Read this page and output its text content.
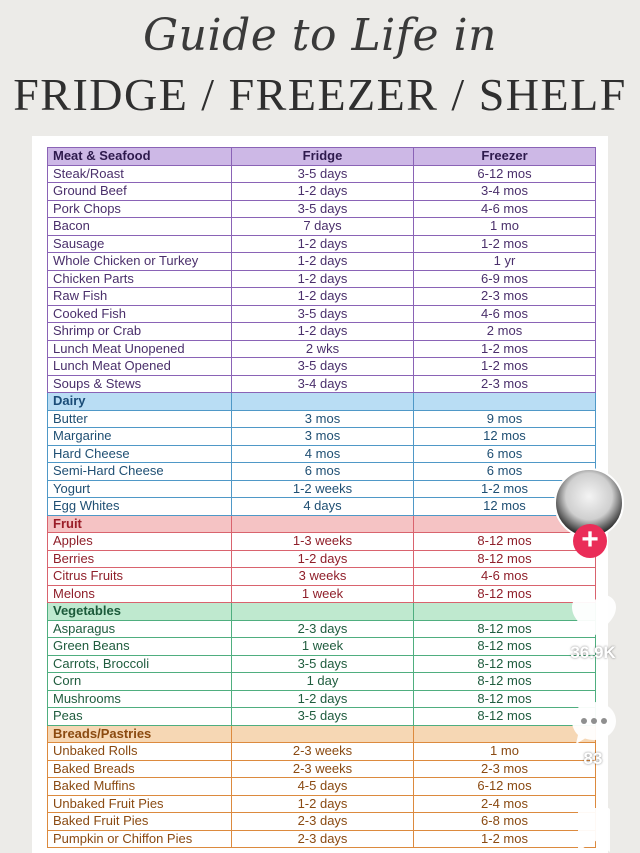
Guide to Life in
FRIDGE / FREEZER / SHELF
Meat & Seafood	Fridge	Freezer
Steak/Roast	3-5 days	6-12 mos
Ground Beef	1-2 days	3-4 mos
Pork Chops	3-5 days	4-6 mos
Bacon	7 days	1 mo
Sausage	1-2 days	1-2 mos
Whole Chicken or Turkey	1-2 days	1 yr
Chicken Parts	1-2 days	6-9 mos
Raw Fish	1-2 days	2-3 mos
Cooked Fish	3-5 days	4-6 mos
Shrimp or Crab	1-2 days	2 mos
Lunch Meat Unopened	2 wks	1-2 mos
Lunch Meat Opened	3-5 days	1-2 mos
Soups & Stews	3-4 days	2-3 mos
Dairy		
Butter	3 mos	9 mos
Margarine	3 mos	12 mos
Hard Cheese	4 mos	6 mos
Semi-Hard Cheese	6 mos	6 mos
Yogurt	1-2 weeks	1-2 mos
Egg Whites	4 days	12 mos
Fruit		
Apples	1-3 weeks	8-12 mos
Berries	1-2 days	8-12 mos
Citrus Fruits	3 weeks	4-6 mos
Melons	1 week	8-12 mos
Vegetables		
Asparagus	2-3 days	8-12 mos
Green Beans	1 week	8-12 mos
Carrots, Broccoli	3-5 days	8-12 mos
Corn	1 day	8-12 mos
Mushrooms	1-2 days	8-12 mos
Peas	3-5 days	8-12 mos
Breads/Pastries		
Unbaked Rolls	2-3 weeks	1 mo
Baked Breads	2-3 weeks	2-3 mos
Baked Muffins	4-5 days	6-12 mos
Unbaked Fruit Pies	1-2 days	2-4 mos
Baked Fruit Pies	2-3 days	6-8 mos
Pumpkin or Chiffon Pies	2-3 days	1-2 mos
+
36.9K
83
